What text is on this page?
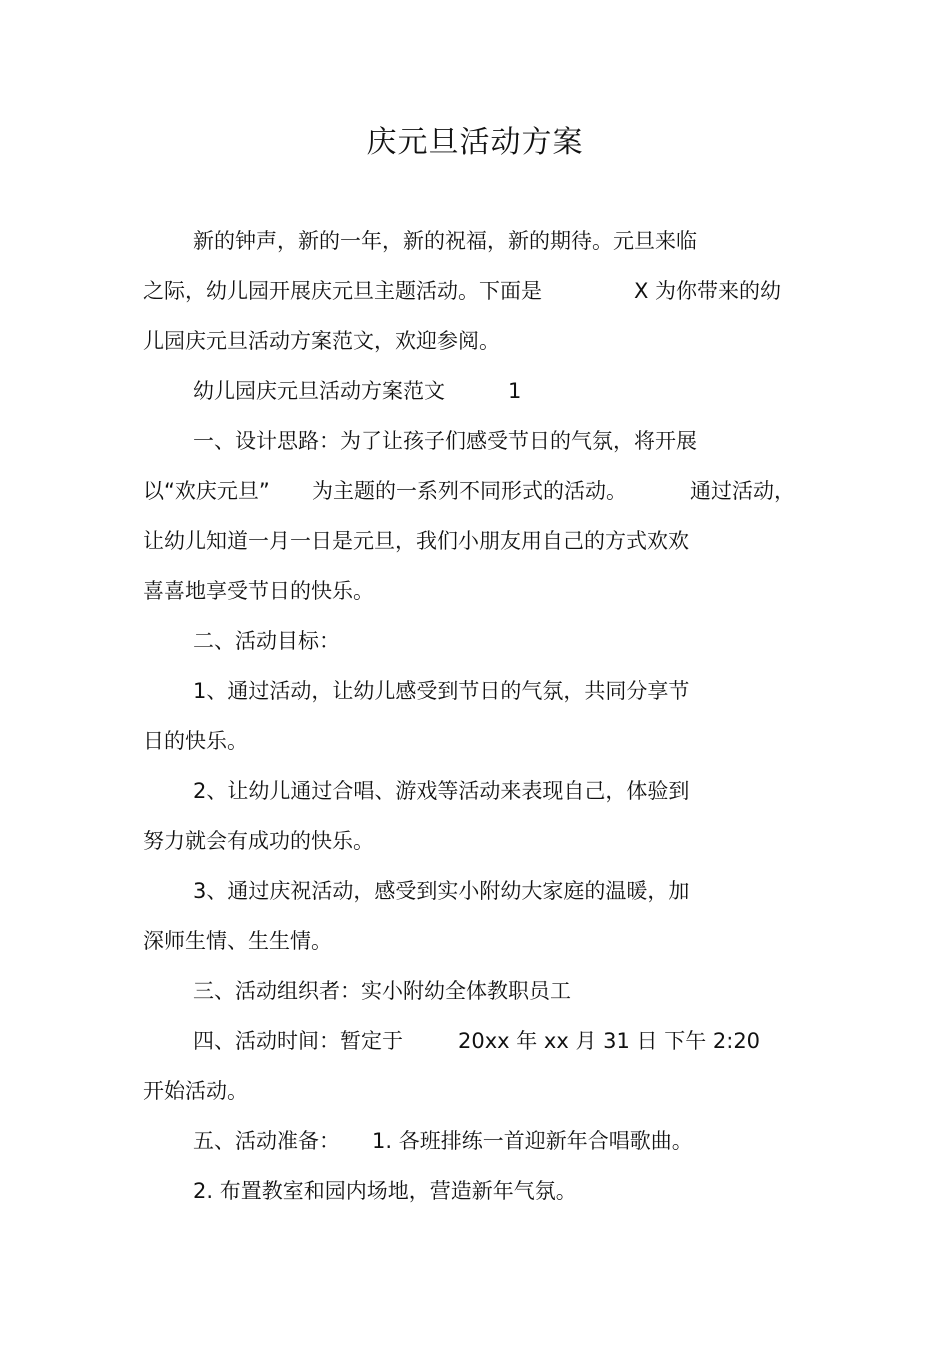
庆元旦活动方案
新的钟声，新的一年，新的祝福，新的期待。元旦来临
之际，幼儿园开展庆元旦主题活动。下面是	X 为你带来的幼
儿园庆元旦活动方案范文，欢迎参阅。
幼儿园庆元旦活动方案范文	1
一、设计思路：为了让孩子们感受节日的气氛，将开展
以“欢庆元旦” 为主题的一系列不同形式的活动。	通过活动，
让幼儿知道一月一日是元旦，我们小朋友用自己的方式欢欢
喜喜地享受节日的快乐。
二、活动目标：
1、通过活动，让幼儿感受到节日的气氛，共同分享节
日的快乐。
2、让幼儿通过合唱、游戏等活动来表现自己，体验到
努力就会有成功的快乐。
3、通过庆祝活动，感受到实小附幼大家庭的温暖，加
深师生情、生生情。
三、活动组织者：实小附幼全体教职员工
四、活动时间：暂定于	20xx 年 xx 月 31 日 下午 2:20
开始活动。
五、活动准备： 1. 各班排练一首迎新年合唱歌曲。
2. 布置教室和园内场地，营造新年气氛。
